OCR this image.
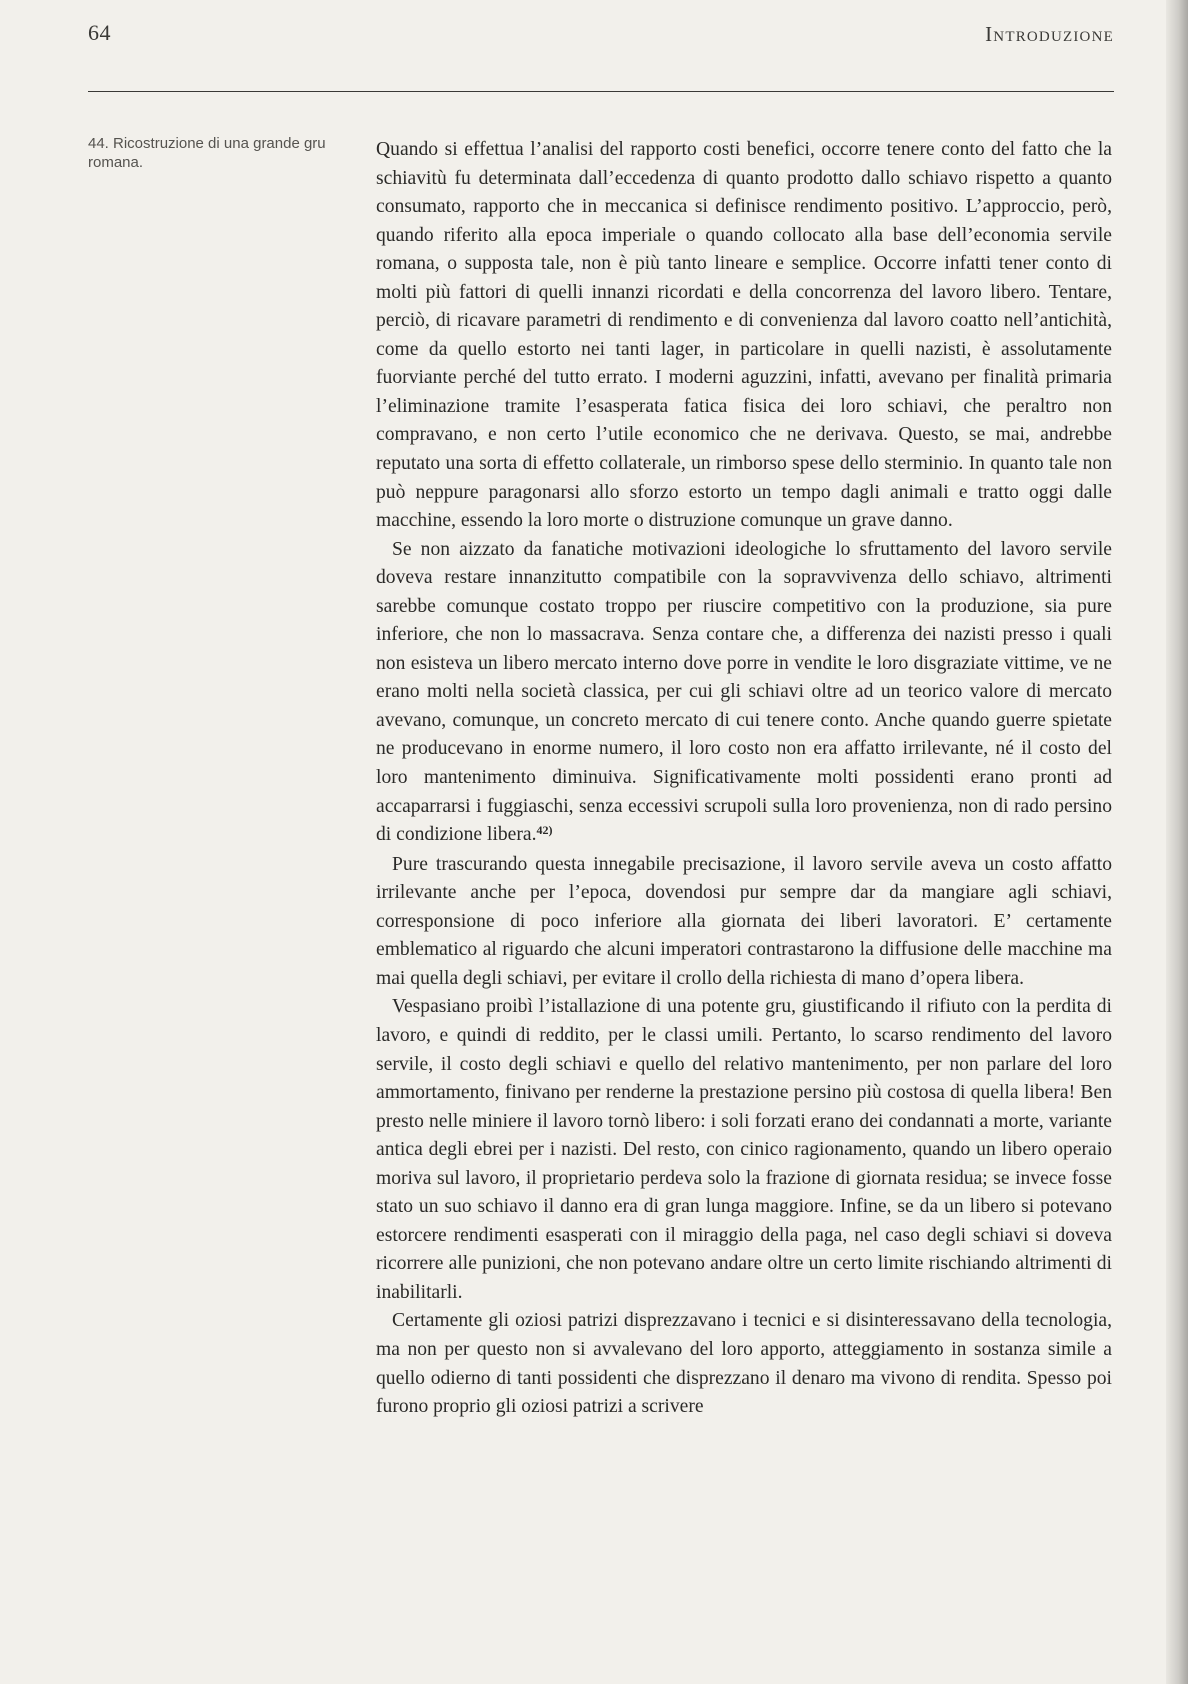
64	Introduzione
44. Ricostruzione di una grande gru romana.

Quando si effettua l’analisi del rapporto costi benefici, occorre tenere conto del fatto che la schiavitù fu determinata dall’eccedenza di quanto prodotto dallo schiavo rispetto a quanto consumato, rapporto che in meccanica si definisce rendimento positivo. L’approccio, però, quando riferito alla epoca imperiale o quando collocato alla base dell’economia servile romana, o supposta tale, non è più tanto lineare e semplice. Occorre infatti tener conto di molti più fattori di quelli innanzi ricordati e della concorrenza del lavoro libero. Tentare, perciò, di ricavare parametri di rendimento e di convenienza dal lavoro coatto nell’antichità, come da quello estorto nei tanti lager, in particolare in quelli nazisti, è assolutamente fuorviante perché del tutto errato. I moderni aguzzini, infatti, avevano per finalità primaria l’eliminazione tramite l’esasperata fatica fisica dei loro schiavi, che peraltro non compravano, e non certo l’utile economico che ne derivava. Questo, se mai, andrebbe reputato una sorta di effetto collaterale, un rimborso spese dello sterminio. In quanto tale non può neppure paragonarsi allo sforzo estorto un tempo dagli animali e tratto oggi dalle macchine, essendo la loro morte o distruzione comunque un grave danno.

Se non aizzato da fanatiche motivazioni ideologiche lo sfruttamento del lavoro servile doveva restare innanzitutto compatibile con la sopravvivenza dello schiavo, altrimenti sarebbe comunque costato troppo per riuscire competitivo con la produzione, sia pure inferiore, che non lo massacrava. Senza contare che, a differenza dei nazisti presso i quali non esisteva un libero mercato interno dove porre in vendite le loro disgraziate vittime, ve ne erano molti nella società classica, per cui gli schiavi oltre ad un teorico valore di mercato avevano, comunque, un concreto mercato di cui tenere conto. Anche quando guerre spietate ne producevano in enorme numero, il loro costo non era affatto irrilevante, né il costo del loro mantenimento diminuiva. Significativamente molti possidenti erano pronti ad accaparrarsi i fuggiaschi, senza eccessivi scrupoli sulla loro provenienza, non di rado persino di condizione libera.$^{42)}$

Pure trascurando questa innegabile precisazione, il lavoro servile aveva un costo affatto irrilevante anche per l’epoca, dovendosi pur sempre dar da mangiare agli schiavi, corresponsione di poco inferiore alla giornata dei liberi lavoratori. E’ certamente emblematico al riguardo che alcuni imperatori contrastarono la diffusione delle macchine ma mai quella degli schiavi, per evitare il crollo della richiesta di mano d’opera libera.

Vespasiano proibì l’istallazione di una potente gru, giustificando il rifiuto con la perdita di lavoro, e quindi di reddito, per le classi umili. Pertanto, lo scarso rendimento del lavoro servile, il costo degli schiavi e quello del relativo mantenimento, per non parlare del loro ammortamento, finivano per renderne la prestazione persino più costosa di quella libera! Ben presto nelle miniere il lavoro tornò libero: i soli forzati erano dei condannati a morte, variante antica degli ebrei per i nazisti. Del resto, con cinico ragionamento, quando un libero operaio moriva sul lavoro, il proprietario perdeva solo la frazione di giornata residua; se invece fosse stato un suo schiavo il danno era di gran lunga maggiore. Infine, se da un libero si potevano estorcere rendimenti esasperati con il miraggio della paga, nel caso degli schiavi si doveva ricorrere alle punizioni, che non potevano andare oltre un certo limite rischiando altrimenti di inabilitarli.

Certamente gli oziosi patrizi disprezzavano i tecnici e si disinteressavano della tecnologia, ma non per questo non si avvalevano del loro apporto, atteggiamento in sostanza simile a quello odierno di tanti possidenti che disprezzano il denaro ma vivono di rendita. Spesso poi furono proprio gli oziosi patrizi a scrivere
